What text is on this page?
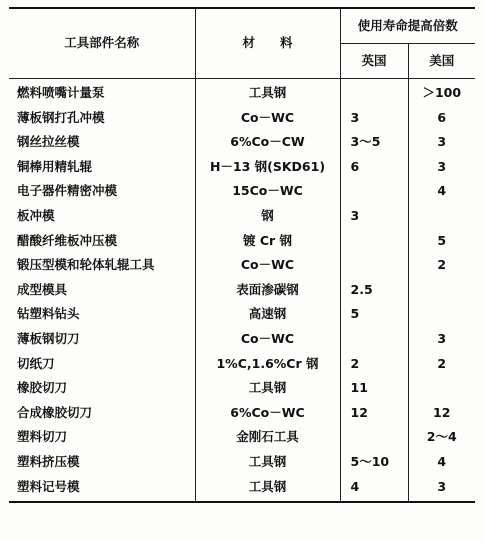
工具部件名称	材　　料	使用寿命提高倍数	
		英国	美国
燃料喷嘴计量泵	工具钢		＞100
薄板钢打孔冲模	Co－WC	3	6
钢丝拉丝模	6%Co－CW	3～5	3
铜棒用精轧辊	H－13 钢(SKD61)	6	3
电子器件精密冲模	15Co－WC		4
板冲模	钢	3	
醋酸纤维板冲压模	镀 Cr 钢		5
锻压型模和轮体轧辊工具	Co－WC		2
成型模具	表面渗碳钢	2.5	
钻塑料钻头	高速钢	5	
薄板钢切刀	Co－WC		3
切纸刀	1%C,1.6%Cr 钢	2	2
橡胶切刀	工具钢	11	
合成橡胶切刀	6%Co－WC	12	12
塑料切刀	金刚石工具		2～4
塑料挤压模	工具钢	5～10	4
塑料记号模	工具钢	4	3
